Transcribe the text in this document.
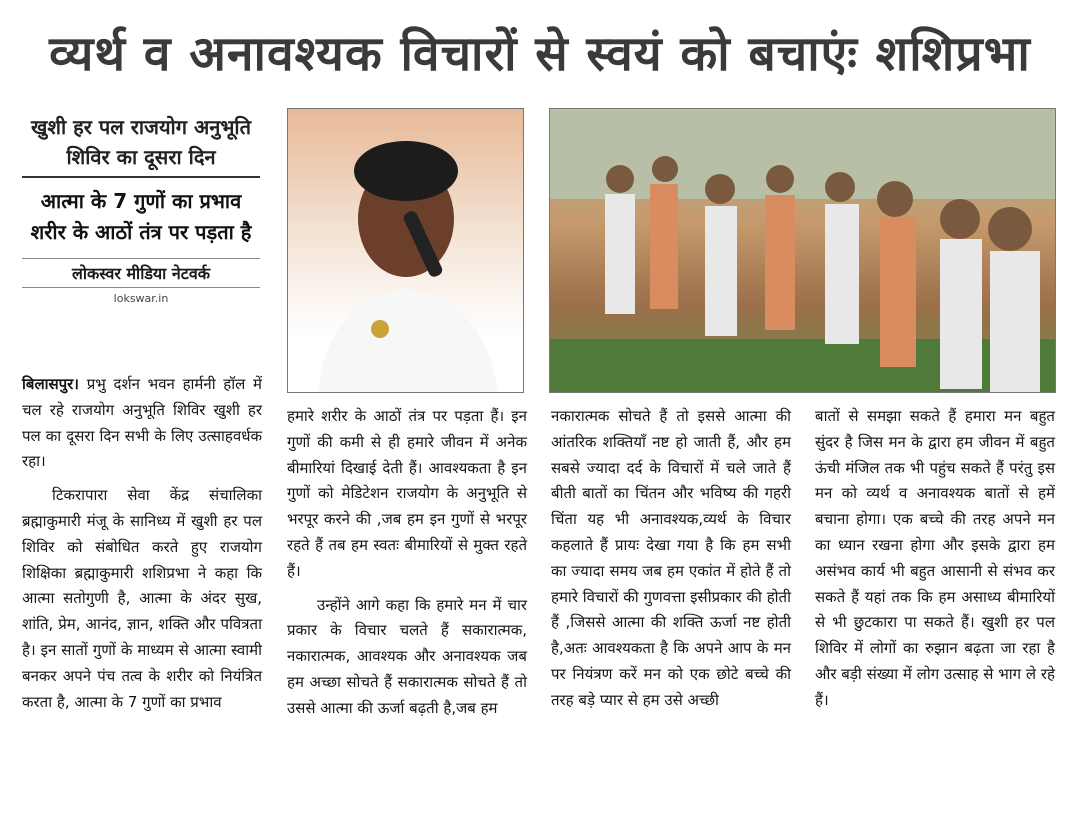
व्यर्थ व अनावश्यक विचारों से स्वयं को बचाएंः शशिप्रभा
खुशी हर पल राजयोग अनुभूति शिविर का दूसरा दिन
आत्मा के 7 गुणों का प्रभाव शरीर के आठों तंत्र पर पड़ता है
लोकस्वर मीडिया नेटवर्क
lokswar.in

बिलासपुर। प्रभु दर्शन भवन हार्मनी हॉल में चल रहे राजयोग अनुभूति शिविर खुशी हर पल का दूसरा दिन सभी के लिए उत्साहवर्धक रहा।

टिकरापारा सेवा केंद्र संचालिका ब्रह्माकुमारी मंजू के सानिध्य में खुशी हर पल शिविर को संबोधित करते हुए राजयोग शिक्षिका ब्रह्माकुमारी शशिप्रभा ने कहा कि आत्मा सतोगुणी है, आत्मा के अंदर सुख, शांति, प्रेम, आनंद, ज्ञान, शक्ति और पवित्रता है। इन सातों गुणों के माध्यम से आत्मा स्वामी बनकर अपने पंच तत्व के शरीर को नियंत्रित करता है, आत्मा के 7 गुणों का प्रभाव

हमारे शरीर के आठों तंत्र पर पड़ता हैं। इन गुणों की कमी से ही हमारे जीवन में अनेक बीमारियां दिखाई देती हैं। आवश्यकता है इन गुणों को मेडिटेशन राजयोग के अनुभूति से भरपूर करने की ,जब हम इन गुणों से भरपूर रहते हैं तब हम स्वतः बीमारियों से मुक्त रहते हैं।

उन्होंने आगे कहा कि हमारे मन में चार प्रकार के विचार चलते हैं सकारात्मक, नकारात्मक, आवश्यक और अनावश्यक जब हम अच्छा सोचते हैं सकारात्मक सोचते हैं तो उससे आत्मा की ऊर्जा बढ़ती है,जब हम

नकारात्मक सोचते हैं तो इससे आत्मा की आंतरिक शक्तियाँ नष्ट हो जाती हैं, और हम सबसे ज्यादा दर्द के विचारों में चले जाते हैं बीती बातों का चिंतन और भविष्य की गहरी चिंता यह भी अनावश्यक,व्यर्थ के विचार कहलाते हैं प्रायः देखा गया है कि हम सभी का ज्यादा समय जब हम एकांत में होते हैं तो हमारे विचारों की गुणवत्ता इसीप्रकार की होती हैं ,जिससे आत्मा की शक्ति ऊर्जा नष्ट होती है,अतः आवश्यकता है कि अपने आप के मन पर नियंत्रण करें मन को एक छोटे बच्चे की तरह बड़े प्यार से हम उसे अच्छी

बातों से समझा सकते हैं हमारा मन बहुत सुंदर है जिस मन के द्वारा हम जीवन में बहुत ऊंची मंजिल तक भी पहुंच सकते हैं परंतु इस मन को व्यर्थ व अनावश्यक बातों से हमें बचाना होगा। एक बच्चे की तरह अपने मन का ध्यान रखना होगा और इसके द्वारा हम असंभव कार्य भी बहुत आसानी से संभव कर सकते हैं यहां तक कि हम असाध्य बीमारियों से भी छुटकारा पा सकते हैं। खुशी हर पल शिविर में लोगों का रुझान बढ़ता जा रहा है और बड़ी संख्या में लोग उत्साह से भाग ले रहे हैं।
